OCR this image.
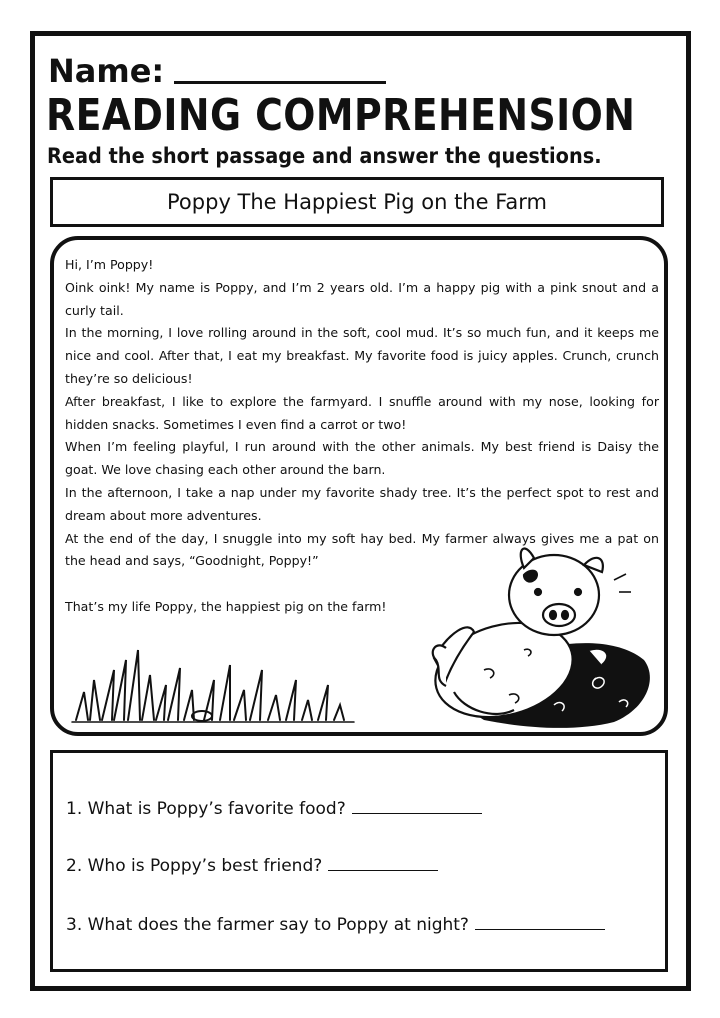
Name:
READING COMPREHENSION
Read the short passage and answer the questions.
Poppy The Happiest Pig on the Farm

Hi, I’m Poppy!

Oink oink! My name is Poppy, and I’m 2 years old. I’m a happy pig with a pink snout and a curly tail.

In the morning, I love rolling around in the soft, cool mud. It’s so much fun, and it keeps me nice and cool. After that, I eat my breakfast. My favorite food is juicy apples. Crunch, crunch they’re so delicious!

After breakfast, I like to explore the farmyard. I snuffle around with my nose, looking for hidden snacks. Sometimes I even find a carrot or two!

When I’m feeling playful, I run around with the other animals. My best friend is Daisy the goat. We love chasing each other around the barn.

In the afternoon, I take a nap under my favorite shady tree. It’s the perfect spot to rest and dream about more adventures.

At the end of the day, I snuggle into my soft hay bed. My farmer always gives me a pat on the head and says, “Goodnight, Poppy!”

That’s my life Poppy, the happiest pig on the farm!

1. What is Poppy’s favorite food?
2. Who is Poppy’s best friend?
3. What does the farmer say to Poppy at night?
